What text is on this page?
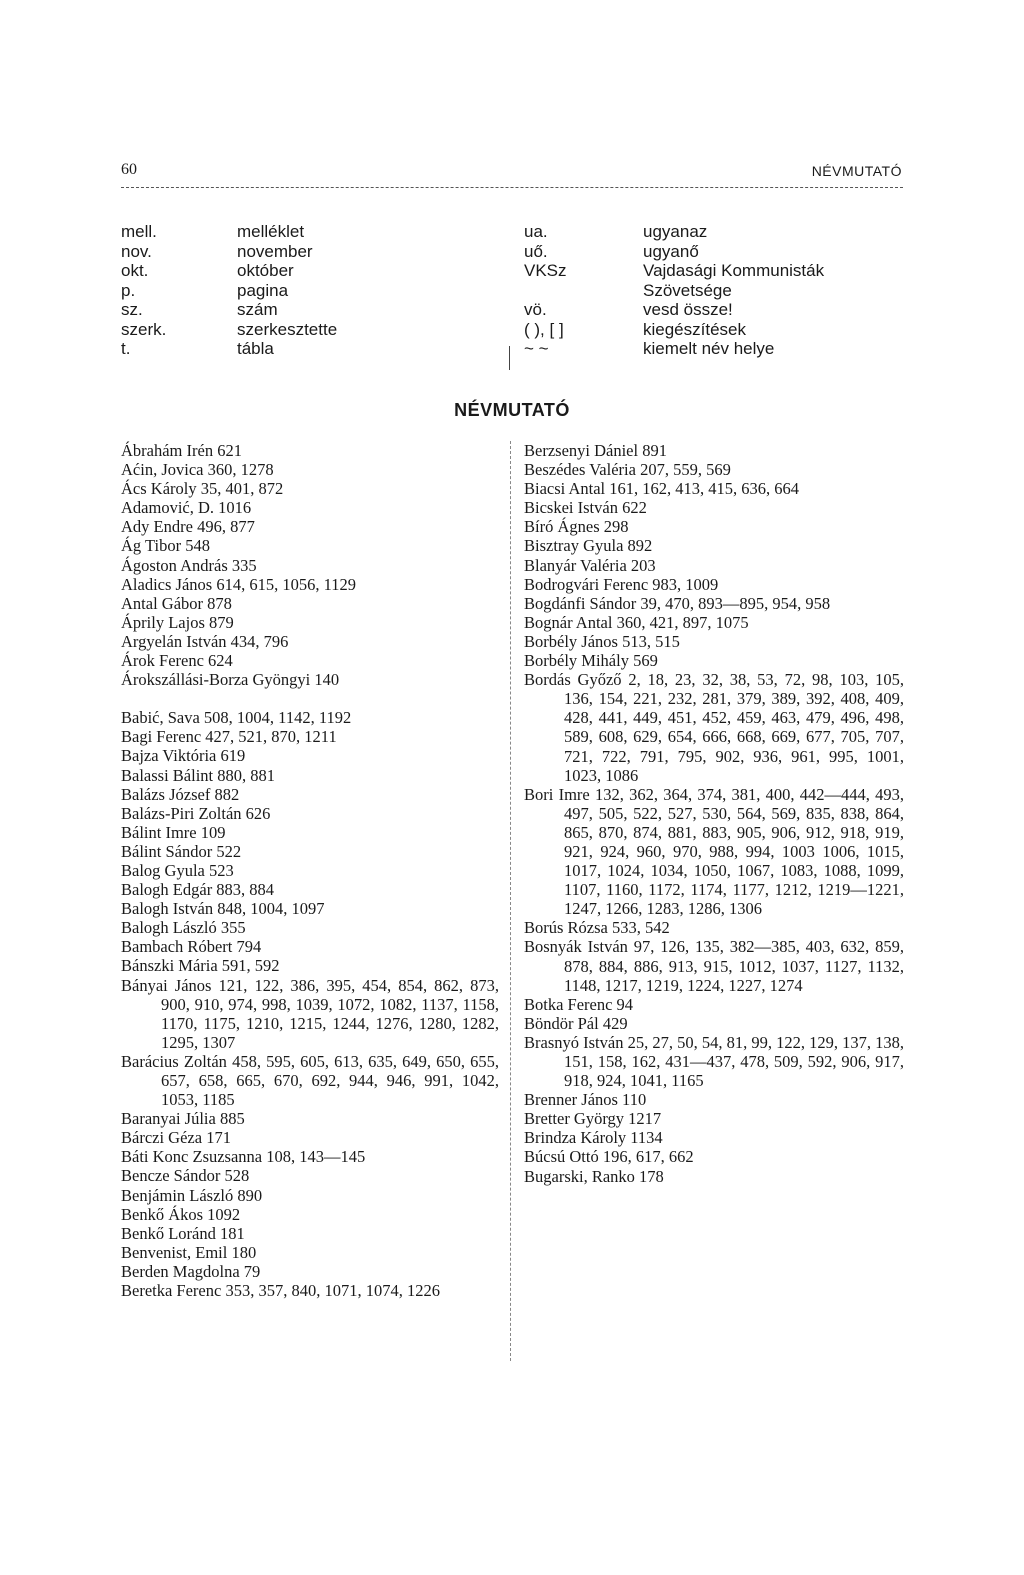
60	NÉVMUTATÓ
mell.	melléklet
nov.	november
okt.	október
p.	pagina
sz.	szám
szerk.	szerkesztette
t.	tábla
ua.	ugyanaz
uő.	ugyanő
VKSz	Vajdasági Kommunisták
Szövetsége
vö.	vesd össze!
( ), [ ]	kiegészítések
~ ~	kiemelt név helye
NÉVMUTATÓ
Ábrahám Irén 621
Aćin, Jovica 360, 1278
Ács Károly 35, 401, 872
Adamović, D. 1016
Ady Endre 496, 877
Ág Tibor 548
Ágoston András 335
Aladics János 614, 615, 1056, 1129
Antal Gábor 878
Áprily Lajos 879
Argyelán István 434, 796
Árok Ferenc 624
Árokszállási-Borza Gyöngyi 140
Babić, Sava 508, 1004, 1142, 1192
Bagi Ferenc 427, 521, 870, 1211
Bajza Viktória 619
Balassi Bálint 880, 881
Balázs József 882
Balázs-Piri Zoltán 626
Bálint Imre 109
Bálint Sándor 522
Balog Gyula 523
Balogh Edgár 883, 884
Balogh István 848, 1004, 1097
Balogh László 355
Bambach Róbert 794
Bánszki Mária 591, 592
Bányai János 121, 122, 386, 395, 454, 854, 862, 873, 900, 910, 974, 998, 1039, 1072, 1082, 1137, 1158, 1170, 1175, 1210, 1215, 1244, 1276, 1280, 1282, 1295, 1307
Barácius Zoltán 458, 595, 605, 613, 635, 649, 650, 655, 657, 658, 665, 670, 692, 944, 946, 991, 1042, 1053, 1185
Baranyai Júlia 885
Bárczi Géza 171
Báti Konc Zsuzsanna 108, 143—145
Bencze Sándor 528
Benjámin László 890
Benkő Ákos 1092
Benkő Loránd 181
Benvenist, Emil 180
Berden Magdolna 79
Beretka Ferenc 353, 357, 840, 1071, 1074, 1226
Berzsenyi Dániel 891
Beszédes Valéria 207, 559, 569
Biacsi Antal 161, 162, 413, 415, 636, 664
Bicskei István 622
Bíró Ágnes 298
Bisztray Gyula 892
Blanyár Valéria 203
Bodrogvári Ferenc 983, 1009
Bogdánfi Sándor 39, 470, 893—895, 954, 958
Bognár Antal 360, 421, 897, 1075
Borbély János 513, 515
Borbély Mihály 569
Bordás Győző 2, 18, 23, 32, 38, 53, 72, 98, 103, 105, 136, 154, 221, 232, 281, 379, 389, 392, 408, 409, 428, 441, 449, 451, 452, 459, 463, 479, 496, 498, 589, 608, 629, 654, 666, 668, 669, 677, 705, 707, 721, 722, 791, 795, 902, 936, 961, 995, 1001, 1023, 1086
Bori Imre 132, 362, 364, 374, 381, 400, 442—444, 493, 497, 505, 522, 527, 530, 564, 569, 835, 838, 864, 865, 870, 874, 881, 883, 905, 906, 912, 918, 919, 921, 924, 960, 970, 988, 994, 1003 1006, 1015, 1017, 1024, 1034, 1050, 1067, 1083, 1088, 1099, 1107, 1160, 1172, 1174, 1177, 1212, 1219—1221, 1247, 1266, 1283, 1286, 1306
Borús Rózsa 533, 542
Bosnyák István 97, 126, 135, 382—385, 403, 632, 859, 878, 884, 886, 913, 915, 1012, 1037, 1127, 1132, 1148, 1217, 1219, 1224, 1227, 1274
Botka Ferenc 94
Böndör Pál 429
Brasnyó István 25, 27, 50, 54, 81, 99, 122, 129, 137, 138, 151, 158, 162, 431—437, 478, 509, 592, 906, 917, 918, 924, 1041, 1165
Brenner János 110
Bretter György 1217
Brindza Károly 1134
Búcsú Ottó 196, 617, 662
Bugarski, Ranko 178
